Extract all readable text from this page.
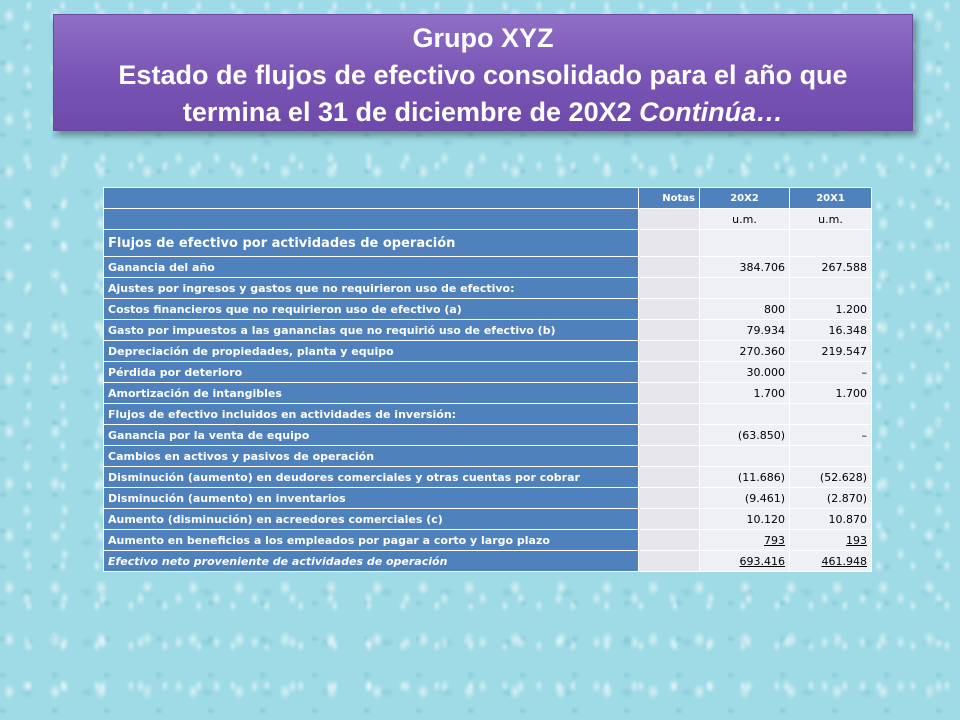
Grupo XYZ
Estado de flujos de efectivo consolidado para el año que
termina el 31 de diciembre de 20X2 Continúa…
	Notas	20X2	20X1
		u.m.	u.m.
Flujos de efectivo por actividades de operación			
Ganancia del año		384.706	267.588
Ajustes por ingresos y gastos que no requirieron uso de efectivo:			
Costos financieros que no requirieron uso de efectivo (a)		800	1.200
Gasto por impuestos a las ganancias que no requirió uso de efectivo (b)		79.934	16.348
Depreciación de propiedades, planta y equipo		270.360	219.547
Pérdida por deterioro		30.000	–
Amortización de intangibles		1.700	1.700
Flujos de efectivo incluidos en actividades de inversión:			
Ganancia por la venta de equipo		(63.850)	–
Cambios en activos y pasivos de operación			
Disminución (aumento) en deudores comerciales y otras cuentas por cobrar		(11.686)	(52.628)
Disminución (aumento) en inventarios		(9.461)	(2.870)
Aumento (disminución) en acreedores comerciales (c)		10.120	10.870
Aumento en beneficios a los empleados por pagar a corto y largo plazo		793	193
Efectivo neto proveniente de actividades de operación		693.416	461.948
